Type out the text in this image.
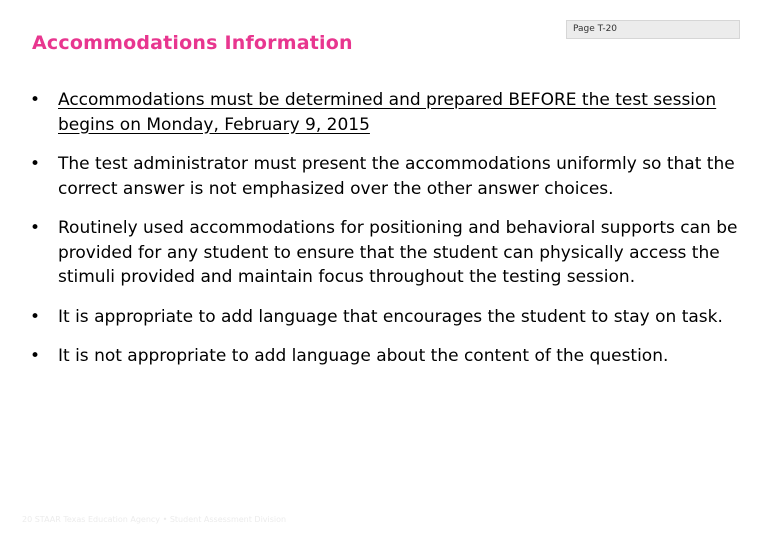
Accommodations Information
Page T-20
• Accommodations must be determined and prepared BEFORE the test session begins on Monday, February 9, 2015
• The test administrator must present the accommodations uniformly so that the correct answer is not emphasized over the other answer choices.
• Routinely used accommodations for positioning and behavioral supports can be provided for any student to ensure that the student can physically access the stimuli provided and maintain focus throughout the testing session.
• It is appropriate to add language that encourages the student to stay on task.
• It is not appropriate to add language about the content of the question.
20 STAAR Texas Education Agency • Student Assessment Division
